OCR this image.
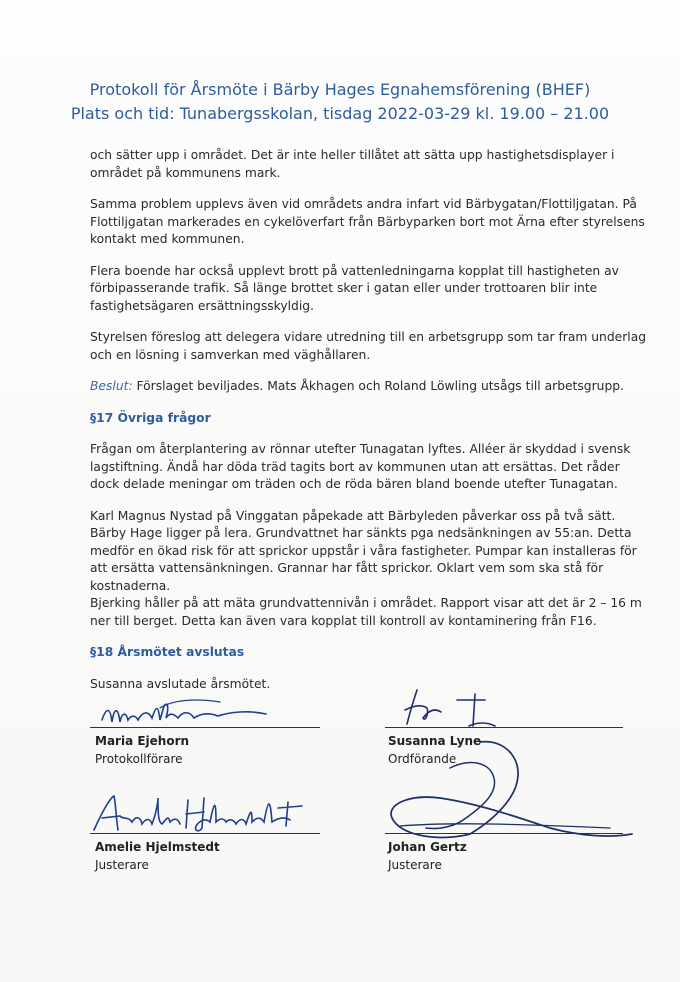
Protokoll för Årsmöte i Bärby Hages Egnahemsförening (BHEF)
Plats och tid: Tunabergsskolan, tisdag 2022-03-29 kl. 19.00 – 21.00

och sätter upp i området. Det är inte heller tillåtet att sätta upp hastighetsdisplayer i området på kommunens mark.

Samma problem upplevs även vid områdets andra infart vid Bärbygatan/Flottiljgatan. På Flottiljgatan markerades en cykelöverfart från Bärbyparken bort mot Ärna efter styrelsens kontakt med kommunen.

Flera boende har också upplevt brott på vattenledningarna kopplat till hastigheten av förbipasserande trafik. Så länge brottet sker i gatan eller under trottoaren blir inte fastighetsägaren ersättningsskyldig.

Styrelsen föreslog att delegera vidare utredning till en arbetsgrupp som tar fram underlag och en lösning i samverkan med väghållaren.

Beslut: Förslaget beviljades. Mats Åkhagen och Roland Löwling utsågs till arbetsgrupp.

§17 Övriga frågor

Frågan om återplantering av rönnar utefter Tunagatan lyftes. Alléer är skyddad i svensk lagstiftning. Ändå har döda träd tagits bort av kommunen utan att ersättas. Det råder dock delade meningar om träden och de röda bären bland boende utefter Tunagatan.

Karl Magnus Nystad på Vinggatan påpekade att Bärbyleden påverkar oss på två sätt. Bärby Hage ligger på lera. Grundvattnet har sänkts pga nedsänkningen av 55:an. Detta medför en ökad risk för att sprickor uppstår i våra fastigheter. Pumpar kan installeras för att ersätta vattensänkningen. Grannar har fått sprickor. Oklart vem som ska stå för kostnaderna.

Bjerking håller på att mäta grundvattennivån i området. Rapport visar att det är 2 – 16 m ner till berget. Detta kan även vara kopplat till kontroll av kontaminering från F16.

§18 Årsmötet avslutas

Susanna avslutade årsmötet.

Maria Ejehorn
Protokollförare
Susanna Lyne
Ordförande
Amelie Hjelmstedt
Justerare
Johan Gertz
Justerare
